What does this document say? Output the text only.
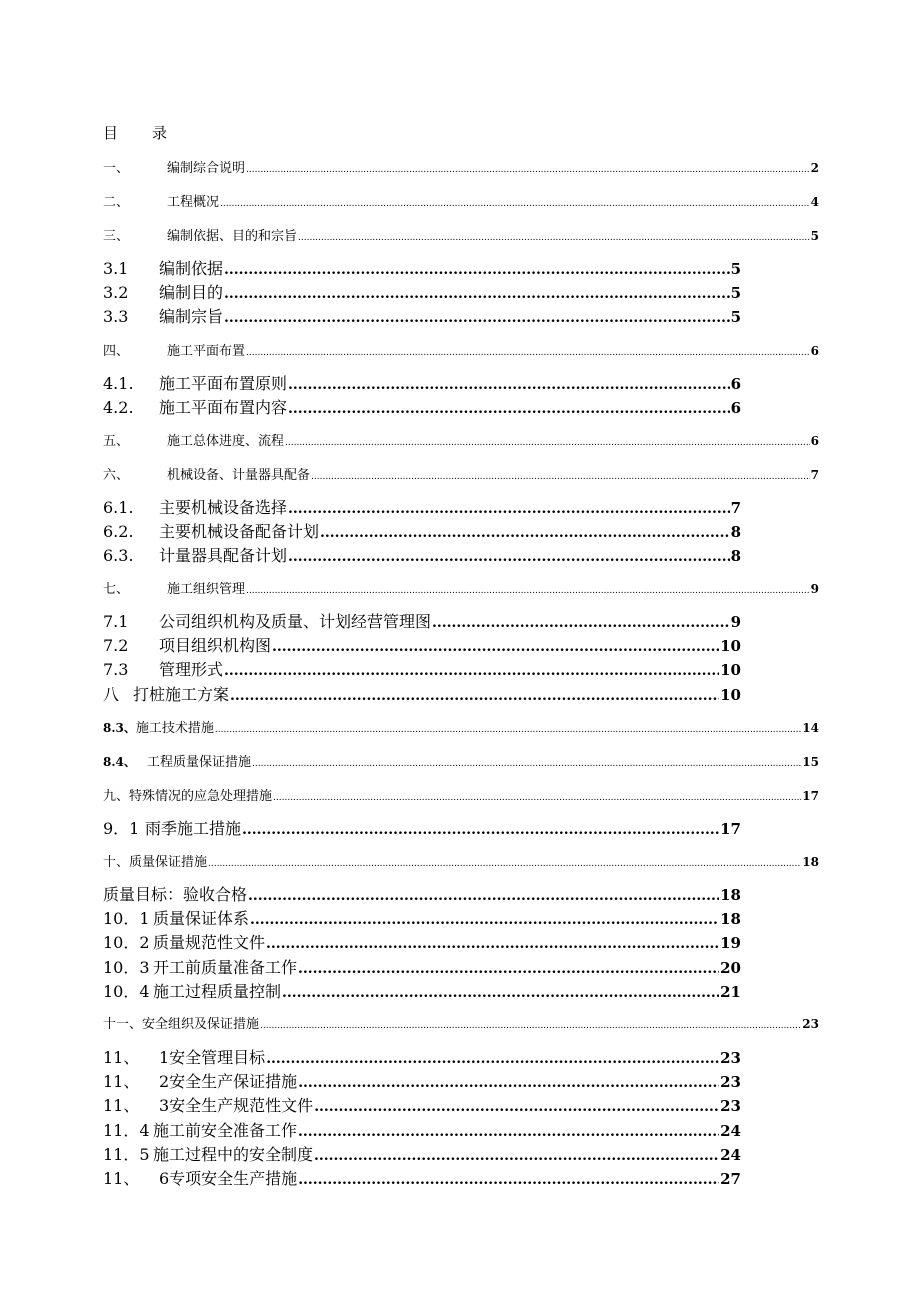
目 录
一、	编制综合说明 .....	2
二、	工程概况 .....	4
三、	编制依据、目的和宗旨 .....	5
3.1	编制依据 .....	5
3.2	编制目的 .....	5
3.3	编制宗旨 .....	5
四、	施工平面布置 .....	6
4.1.	施工平面布置原则 .....	6
4.2.	施工平面布置内容 .....	6
五、	施工总体进度、流程 .....	6
六、	机械设备、计量器具配备 .....	7
6.1.	主要机械设备选择 .....	7
6.2.	主要机械设备配备计划 .....	8
6.3.	计量器具配备计划 .....	8
七、	施工组织管理 .....	9
7.1	公司组织机构及质量、计划经营管理图 .....	9
7.2	项目组织机构图 .....	10
7.3	管理形式 .....	10
八 打桩施工方案 .....	10
8.3、 施工技术措施 .....	14
8.4、 工程质量保证措施 .....	15
九、 特殊情况的应急处理措施 .....	17
9．1 雨季施工措施 .....	17
十、 质量保证措施 .....	18
质量目标：验收合格 .....	18
10．1 质量保证体系 .....	18
10．2 质量规范性文件 .....	19
10．3 开工前质量准备工作 .....	20
10．4 施工过程质量控制 .....	21
十一、 安全组织及保证措施 .....	23
11、	1安全管理目标 .....	23
11、	2安全生产保证措施 .....	23
11、	3安全生产规范性文件 .....	23
11．4 施工前安全准备工作 .....	24
11．5 施工过程中的安全制度 .....	24
11、	6专项安全生产措施 .....	27
